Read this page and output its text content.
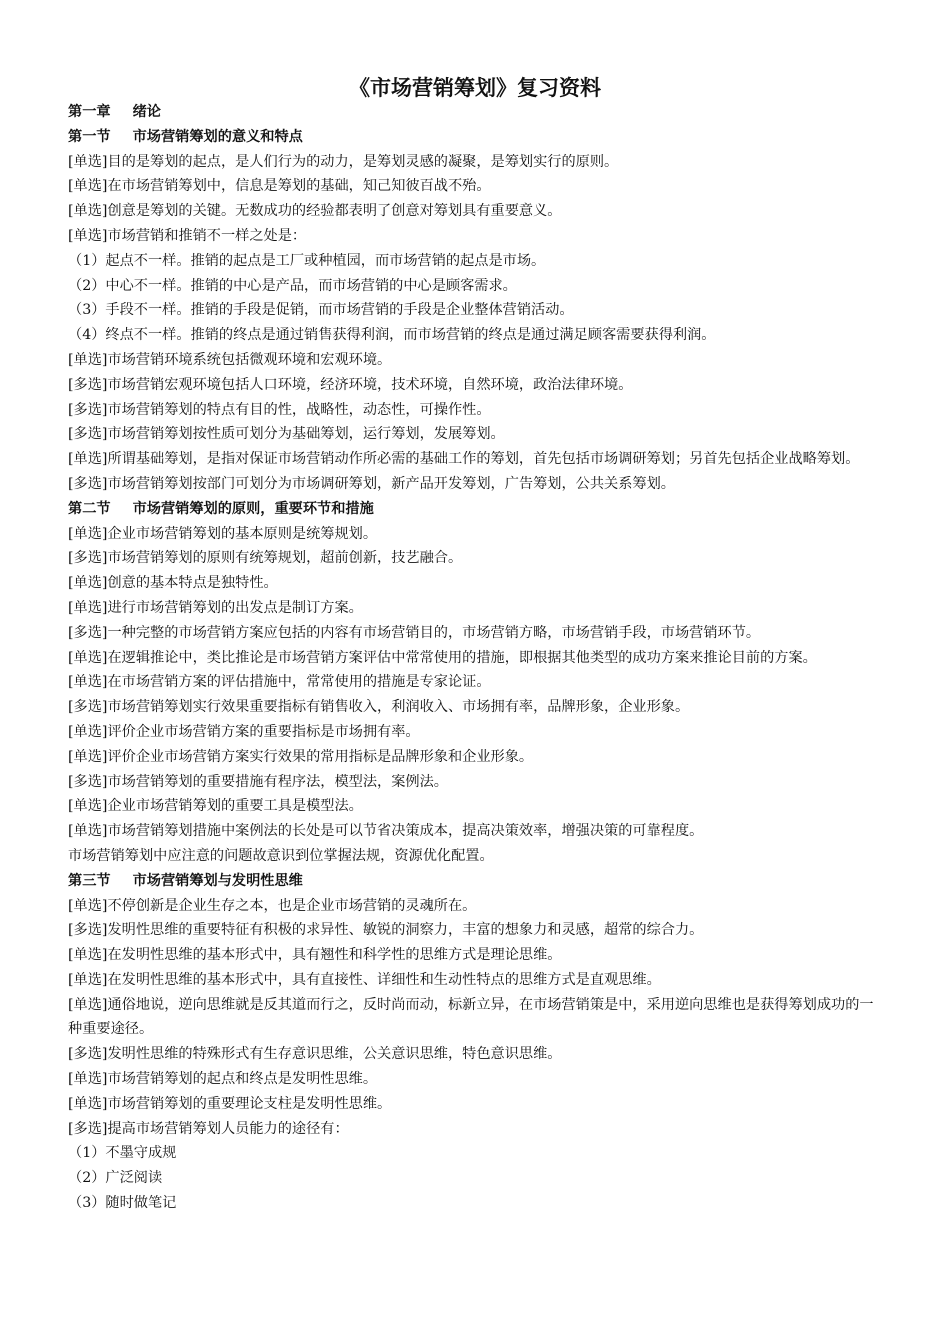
《市场营销筹划》复习资料
第一章 绪论
第一节 市场营销筹划的意义和特点
[单选]目的是筹划的起点，是人们行为的动力，是筹划灵感的凝聚，是筹划实行的原则。
[单选]在市场营销筹划中，信息是筹划的基础，知己知彼百战不殆。
[单选]创意是筹划的关键。无数成功的经验都表明了创意对筹划具有重要意义。
[单选]市场营销和推销不一样之处是：
（1）起点不一样。推销的起点是工厂或种植园，而市场营销的起点是市场。
（2）中心不一样。推销的中心是产品，而市场营销的中心是顾客需求。
（3）手段不一样。推销的手段是促销，而市场营销的手段是企业整体营销活动。
（4）终点不一样。推销的终点是通过销售获得利润，而市场营销的终点是通过满足顾客需要获得利润。
[单选]市场营销环境系统包括微观环境和宏观环境。
[多选]市场营销宏观环境包括人口环境，经济环境，技术环境，自然环境，政治法律环境。
[多选]市场营销筹划的特点有目的性，战略性，动态性，可操作性。
[多选]市场营销筹划按性质可划分为基础筹划，运行筹划，发展筹划。
[单选]所谓基础筹划，是指对保证市场营销动作所必需的基础工作的筹划，首先包括市场调研筹划；另首先包括企业战略筹划。
[多选]市场营销筹划按部门可划分为市场调研筹划，新产品开发筹划，广告筹划，公共关系筹划。
第二节 市场营销筹划的原则，重要环节和措施
[单选]企业市场营销筹划的基本原则是统筹规划。
[多选]市场营销筹划的原则有统筹规划，超前创新，技艺融合。
[单选]创意的基本特点是独特性。
[单选]进行市场营销筹划的出发点是制订方案。
[多选]一种完整的市场营销方案应包括的内容有市场营销目的，市场营销方略，市场营销手段，市场营销环节。
[单选]在逻辑推论中，类比推论是市场营销方案评估中常常使用的措施，即根据其他类型的成功方案来推论目前的方案。
[单选]在市场营销方案的评估措施中，常常使用的措施是专家论证。
[多选]市场营销筹划实行效果重要指标有销售收入，利润收入、市场拥有率，品牌形象，企业形象。
[单选]评价企业市场营销方案的重要指标是市场拥有率。
[单选]评价企业市场营销方案实行效果的常用指标是品牌形象和企业形象。
[多选]市场营销筹划的重要措施有程序法，模型法，案例法。
[单选]企业市场营销筹划的重要工具是模型法。
[单选]市场营销筹划措施中案例法的长处是可以节省决策成本，提高决策效率，增强决策的可靠程度。
市场营销筹划中应注意的问题故意识到位掌握法规，资源优化配置。
第三节 市场营销筹划与发明性思维
[单选]不停创新是企业生存之本，也是企业市场营销的灵魂所在。
[多选]发明性思维的重要特征有积极的求异性、敏锐的洞察力，丰富的想象力和灵感，超常的综合力。
[单选]在发明性思维的基本形式中，具有翘性和科学性的思维方式是理论思维。
[单选]在发明性思维的基本形式中，具有直接性、详细性和生动性特点的思维方式是直观思维。
[单选]通俗地说，逆向思维就是反其道而行之，反时尚而动，标新立异，在市场营销策是中，采用逆向思维也是获得筹划成功的一种重要途径。
[多选]发明性思维的特殊形式有生存意识思维，公关意识思维，特色意识思维。
[单选]市场营销筹划的起点和终点是发明性思维。
[单选]市场营销筹划的重要理论支柱是发明性思维。
[多选]提高市场营销筹划人员能力的途径有：
（1）不墨守成规
（2）广泛阅读
（3）随时做笔记
